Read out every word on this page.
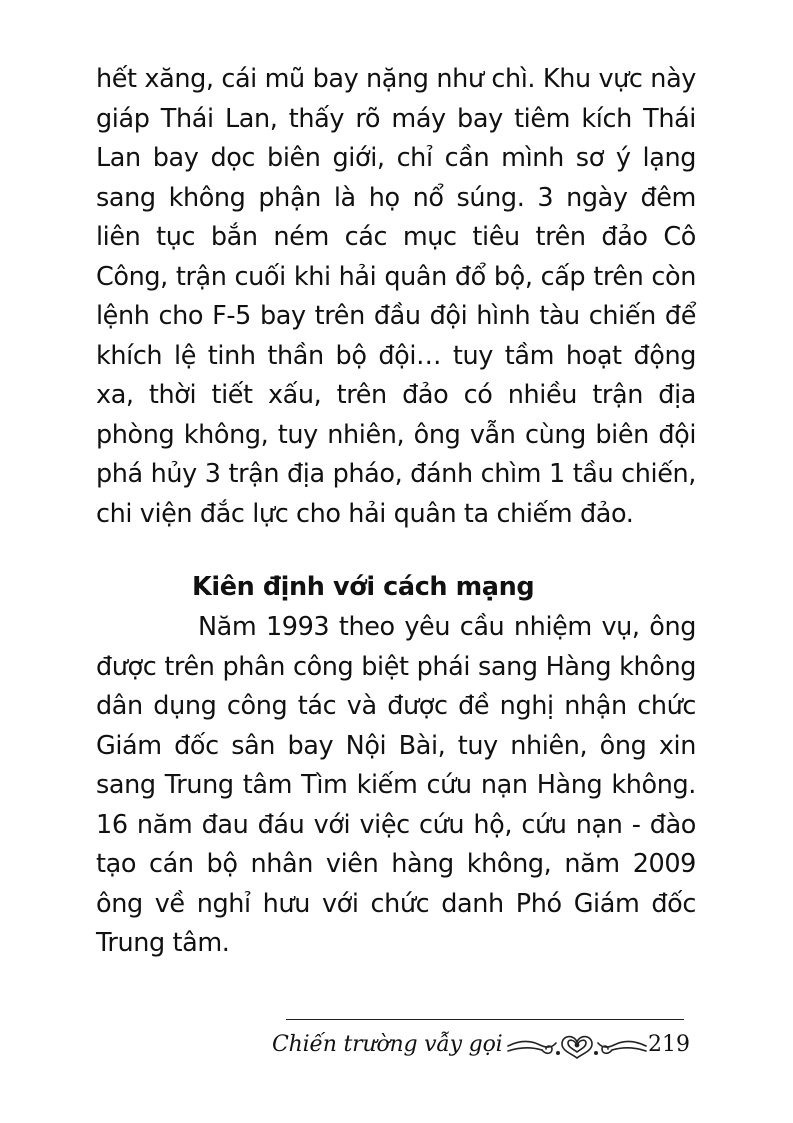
hết xăng, cái mũ bay nặng như chì. Khu vực này giáp Thái Lan, thấy rõ máy bay tiêm kích Thái Lan bay dọc biên giới, chỉ cần mình sơ ý lạng sang không phận là họ nổ súng. 3 ngày đêm liên tục bắn ném các mục tiêu trên đảo Cô Công, trận cuối khi hải quân đổ bộ, cấp trên còn lệnh cho F-5 bay trên đầu đội hình tàu chiến để khích lệ tinh thần bộ đội… tuy tầm hoạt động xa, thời tiết xấu, trên đảo có nhiều trận địa phòng không, tuy nhiên, ông vẫn cùng biên đội phá hủy 3 trận địa pháo, đánh chìm 1 tầu chiến, chi viện đắc lực cho hải quân ta chiếm đảo.
Kiên định với cách mạng
Năm 1993 theo yêu cầu nhiệm vụ, ông được trên phân công biệt phái sang Hàng không dân dụng công tác và được đề nghị nhận chức Giám đốc sân bay Nội Bài, tuy nhiên, ông xin sang Trung tâm Tìm kiếm cứu nạn Hàng không. 16 năm đau đáu với việc cứu hộ, cứu nạn - đào tạo cán bộ nhân viên hàng không, năm 2009 ông về nghỉ hưu với chức danh Phó Giám đốc Trung tâm.
Chiến trường vẫy gọi	219
